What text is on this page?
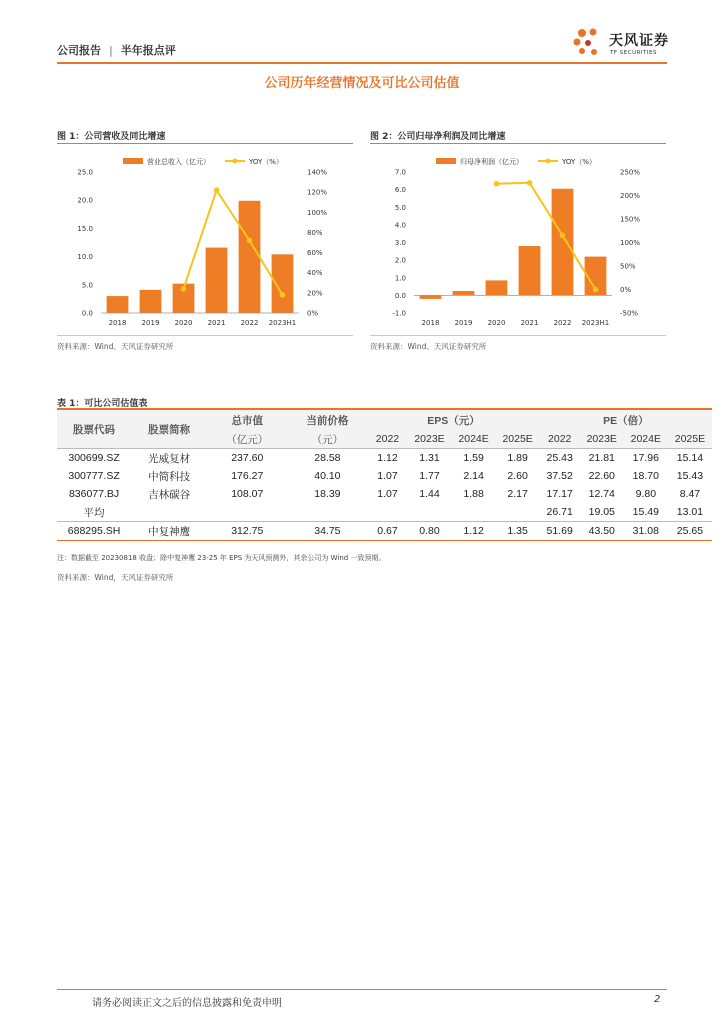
公司报告 | 半年报点评
天风证券
TF SECURITIES
公司历年经营情况及可比公司估值
图 1：公司营收及同比增速
营业总收入（亿元）	YOY（%）
0.0
5.0
10.0
15.0
20.0
25.0
0%
20%
40%
60%
80%
100%
120%
140%
2018 2019 2020 2021 2022 2023H1
资料来源：Wind、天风证券研究所
图 2：公司归母净利润及同比增速
归母净利润（亿元）	YOY（%）
-1.0
0.0
1.0
2.0
3.0
4.0
5.0
6.0
7.0
-50%
0%
50%
100%
150%
200%
250%
2018 2019 2020 2021 2022 2023H1
资料来源：Wind、天风证券研究所
表 1：可比公司估值表
股票代码	股票简称	总市值	当前价格	EPS（元）				PE（倍）			
		（亿元）	（元）	2022	2023E	2024E	2025E	2022	2023E	2024E	2025E
300699.SZ	光威复材	237.60	28.58	1.12	1.31	1.59	1.89	25.43	21.81	17.96	15.14
300777.SZ	中简科技	176.27	40.10	1.07	1.77	2.14	2.60	37.52	22.60	18.70	15.43
836077.BJ	吉林碳谷	108.07	18.39	1.07	1.44	1.88	2.17	17.17	12.74	9.80	8.47
平均								26.71	19.05	15.49	13.01
688295.SH	中复神鹰	312.75	34.75	0.67	0.80	1.12	1.35	51.69	43.50	31.08	25.65
注：数据截至 20230818 收盘；除中复神鹰 23-25 年 EPS 为天风预测外，其余公司为 Wind 一致预期。
资料来源：Wind，天风证券研究所
请务必阅读正文之后的信息披露和免责申明	2
